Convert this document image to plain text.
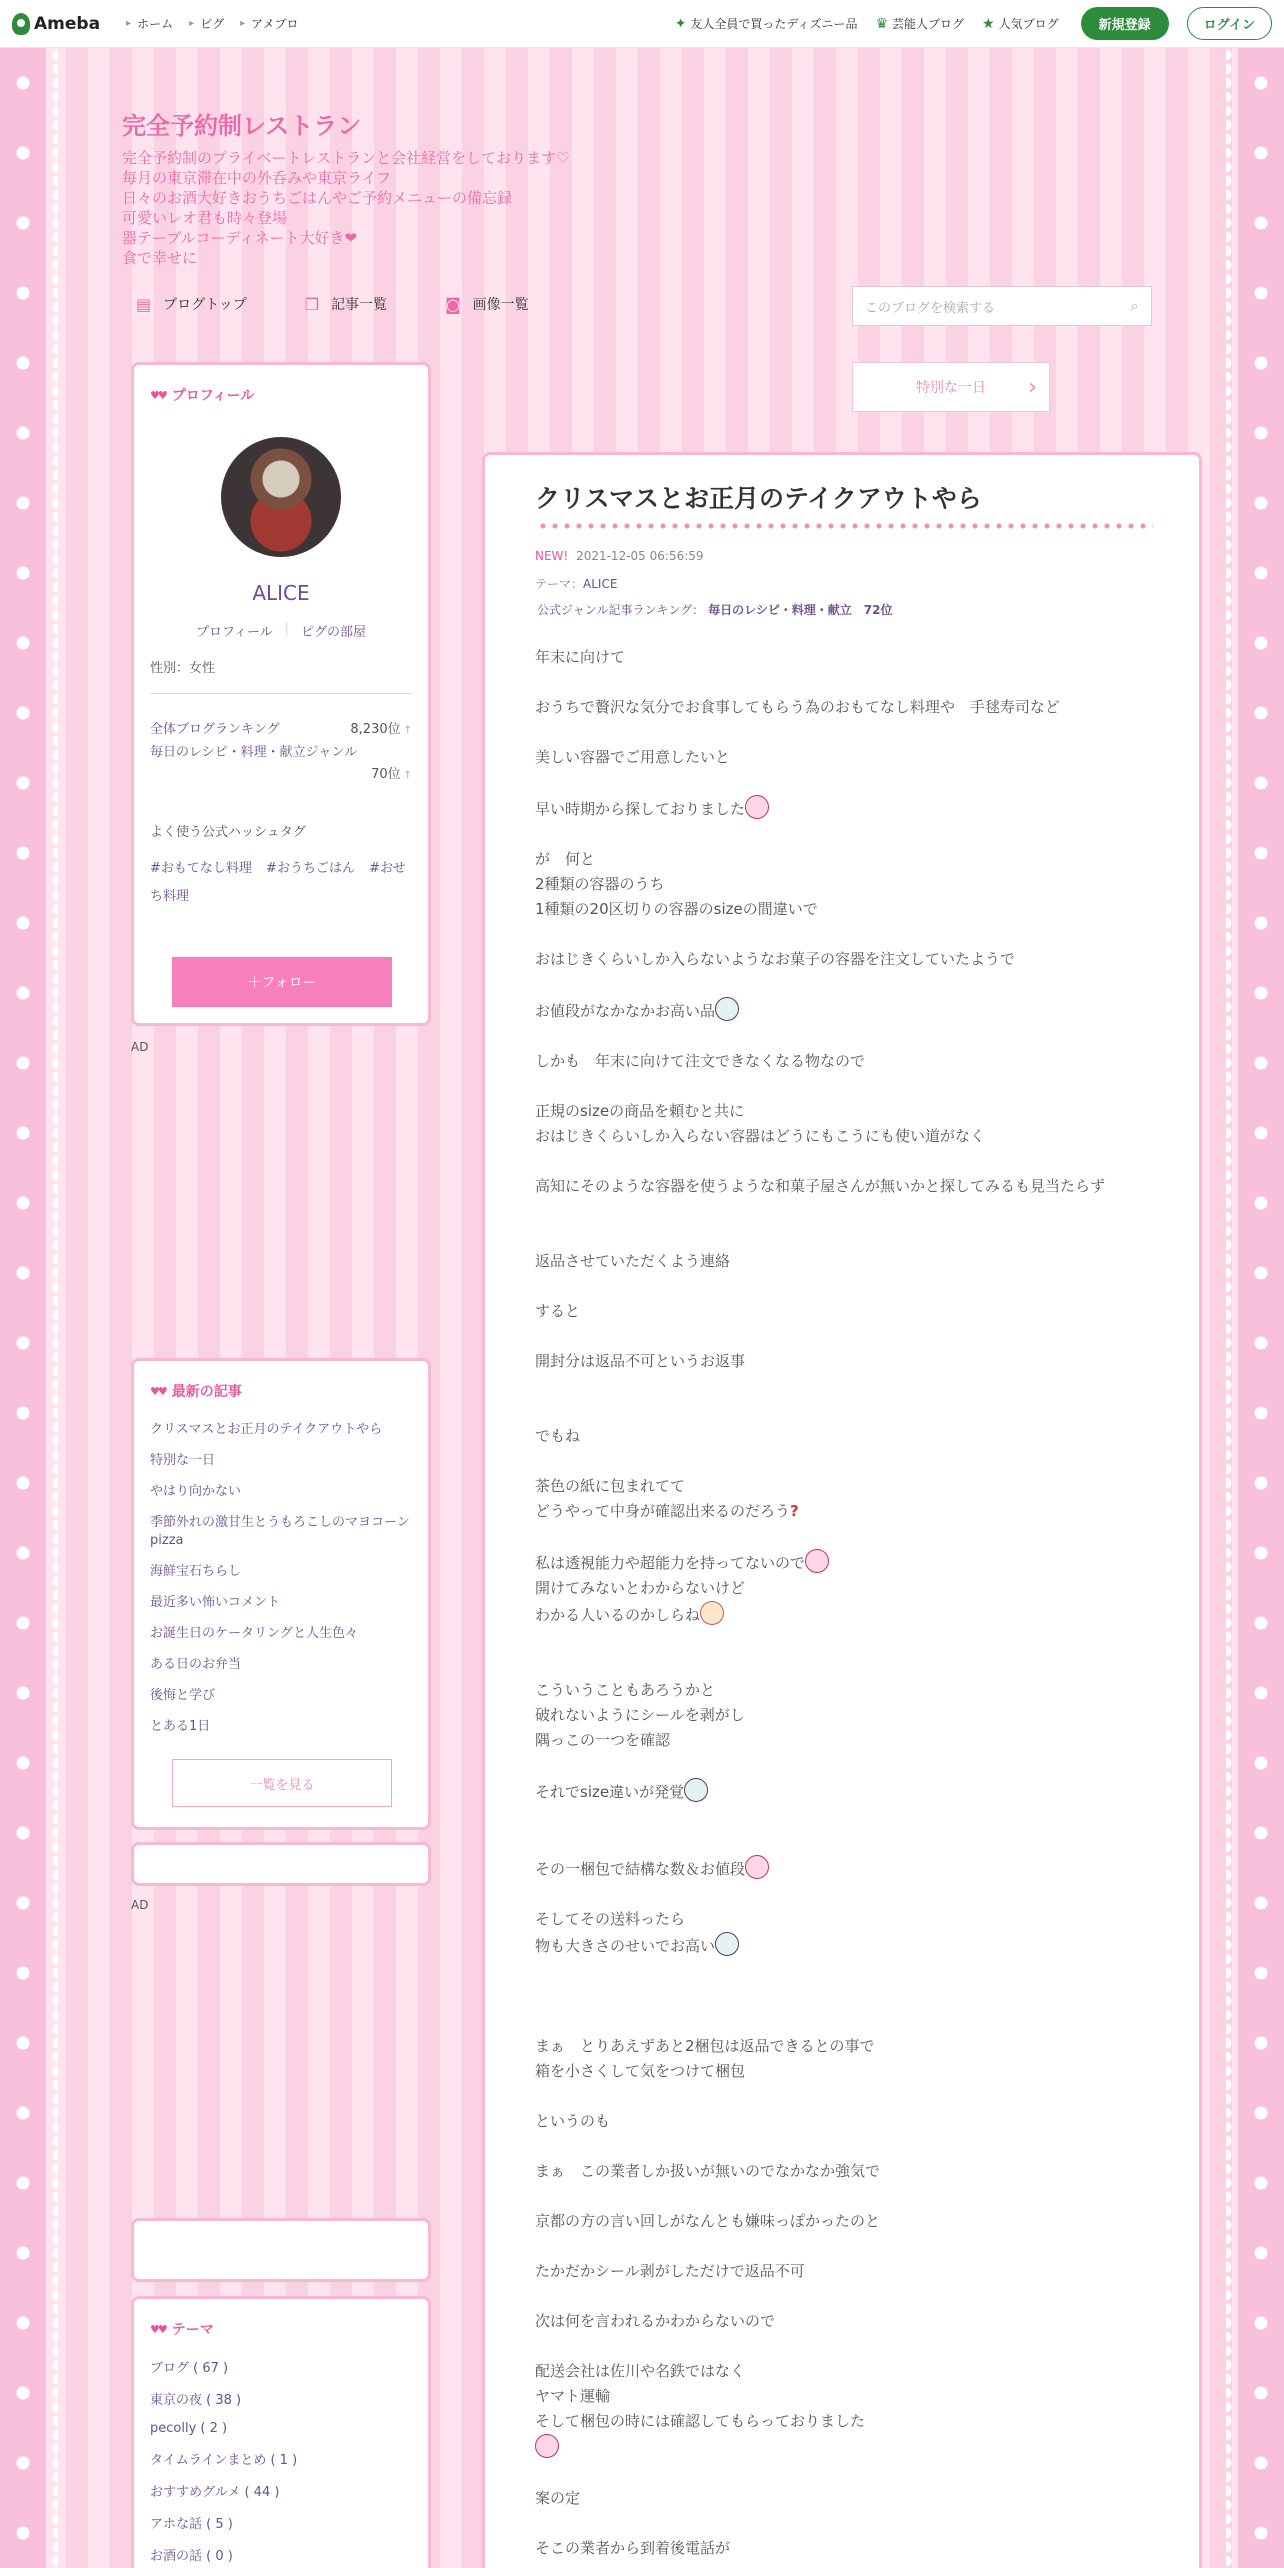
Ameba	▸ ホーム ▸ ピグ ▸ アメブロ	✦ 友人全員で買ったディズニー品 ♛ 芸能人ブログ ★ 人気ブログ	新規登録	ログイン
完全予約制レストラン
完全予約制のプライベートレストランと会社経営をしております♡
毎月の東京滞在中の外呑みや東京ライフ
日々のお酒大好きおうちごはんやご予約メニューの備忘録
可愛いレオ君も時々登場
器テーブルコーディネート大好き❤
食で幸せに
▤ ブログトップ	❐ 記事一覧	◙ 画像一覧	このブログを検索する	⌕
特別な一日 ›
♥♥ プロフィール
ALICE
プロフィール | ピグの部屋
性別：女性
全体ブログランキング	8,230位 ↑
毎日のレシピ・料理・献立ジャンル
70位 ↑
よく使う公式ハッシュタグ
#おもてなし料理 #おうちごはん #おせち料理
＋フォロー
AD
♥♥ 最新の記事
クリスマスとお正月のテイクアウトやら
特別な一日
やはり向かない
季節外れの激甘生とうもろこしのマヨコーンpizza
海鮮宝石ちらし
最近多い怖いコメント
お誕生日のケータリングと人生色々
ある日のお弁当
後悔と学び
とある1日
一覧を見る
AD
♥♥ テーマ
ブログ ( 67 )
東京の夜 ( 38 )
pecolly ( 2 )
タイムラインまとめ ( 1 )
おすすめグルメ ( 44 )
アホな話 ( 5 )
お酒の話 ( 0 )
クリスマスとお正月のテイクアウトやら
NEW! 2021-12-05 06:56:59
テーマ：ALICE
公式ジャンル記事ランキング： 毎日のレシピ・料理・献立　72位

年末に向けて

おうちで贅沢な気分でお食事してもらう為のおもてなし料理や　手毬寿司など

美しい容器でご用意したいと

早い時期から探しておりました

が　何と

2種類の容器のうち

1種類の20区切りの容器のsizeの間違いで

おはじきくらいしか入らないようなお菓子の容器を注文していたようで

お値段がなかなかお高い品

しかも　年末に向けて注文できなくなる物なので

正規のsizeの商品を頼むと共に

おはじきくらいしか入らない容器はどうにもこうにも使い道がなく

高知にそのような容器を使うような和菓子屋さんが無いかと探してみるも見当たらず

返品させていただくよう連絡

すると

開封分は返品不可というお返事

でもね

茶色の紙に包まれてて

どうやって中身が確認出来るのだろう?

私は透視能力や超能力を持ってないので

開けてみないとわからないけど

わかる人いるのかしらね

こういうこともあろうかと

破れないようにシールを剥がし

隅っこの一つを確認

それでsize違いが発覚

その一梱包で結構な数＆お値段

そしてその送料ったら

物も大きさのせいでお高い

まぁ　とりあえずあと2梱包は返品できるとの事で

箱を小さくして気をつけて梱包

というのも

まぁ　この業者しか扱いが無いのでなかなか強気で

京都の方の言い回しがなんとも嫌味っぽかったのと

たかだかシール剥がしただけで返品不可

次は何を言われるかわからないので

配送会社は佐川や名鉄ではなく

ヤマト運輸

そして梱包の時には確認してもらっておりました

案の定

そこの業者から到着後電話が
